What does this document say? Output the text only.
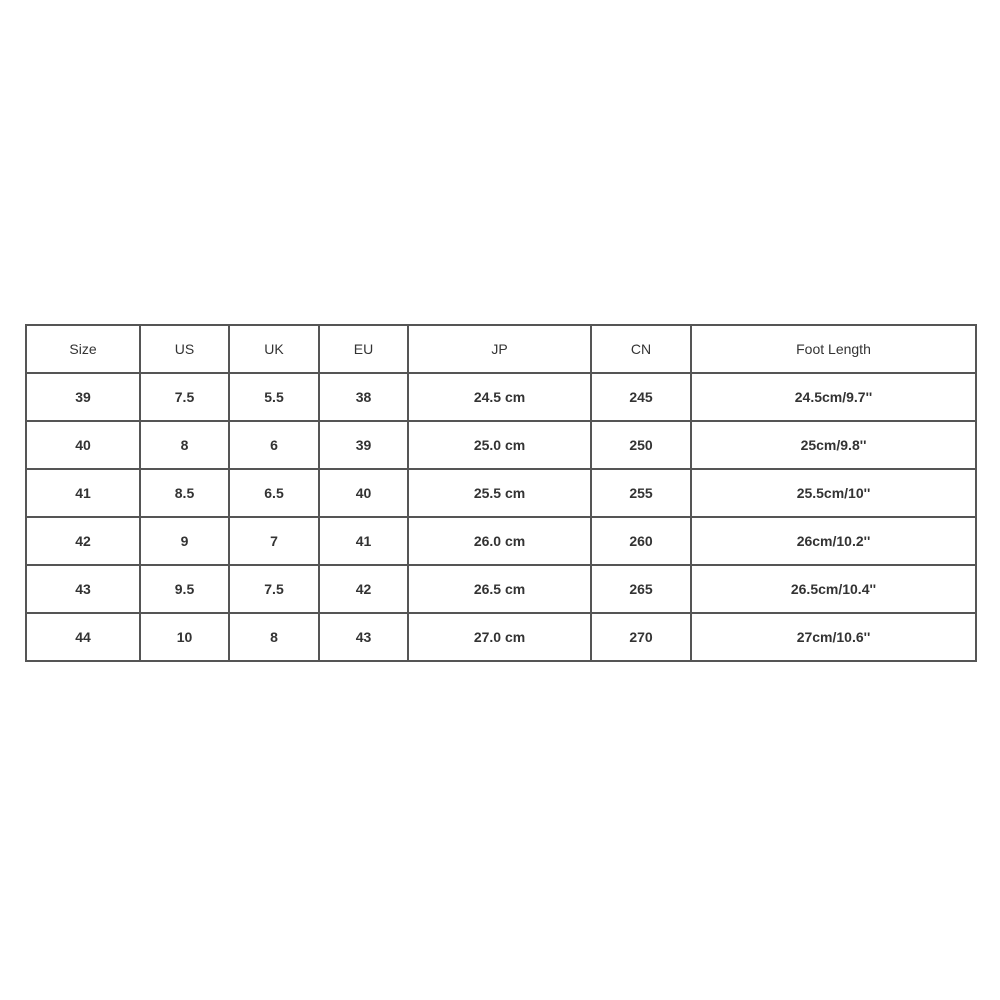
Size	US	UK	EU	JP	CN	Foot Length
39	7.5	5.5	38	24.5 cm	245	24.5cm/9.7''
40	8	6	39	25.0 cm	250	25cm/9.8''
41	8.5	6.5	40	25.5 cm	255	25.5cm/10''
42	9	7	41	26.0 cm	260	26cm/10.2''
43	9.5	7.5	42	26.5 cm	265	26.5cm/10.4''
44	10	8	43	27.0 cm	270	27cm/10.6''
